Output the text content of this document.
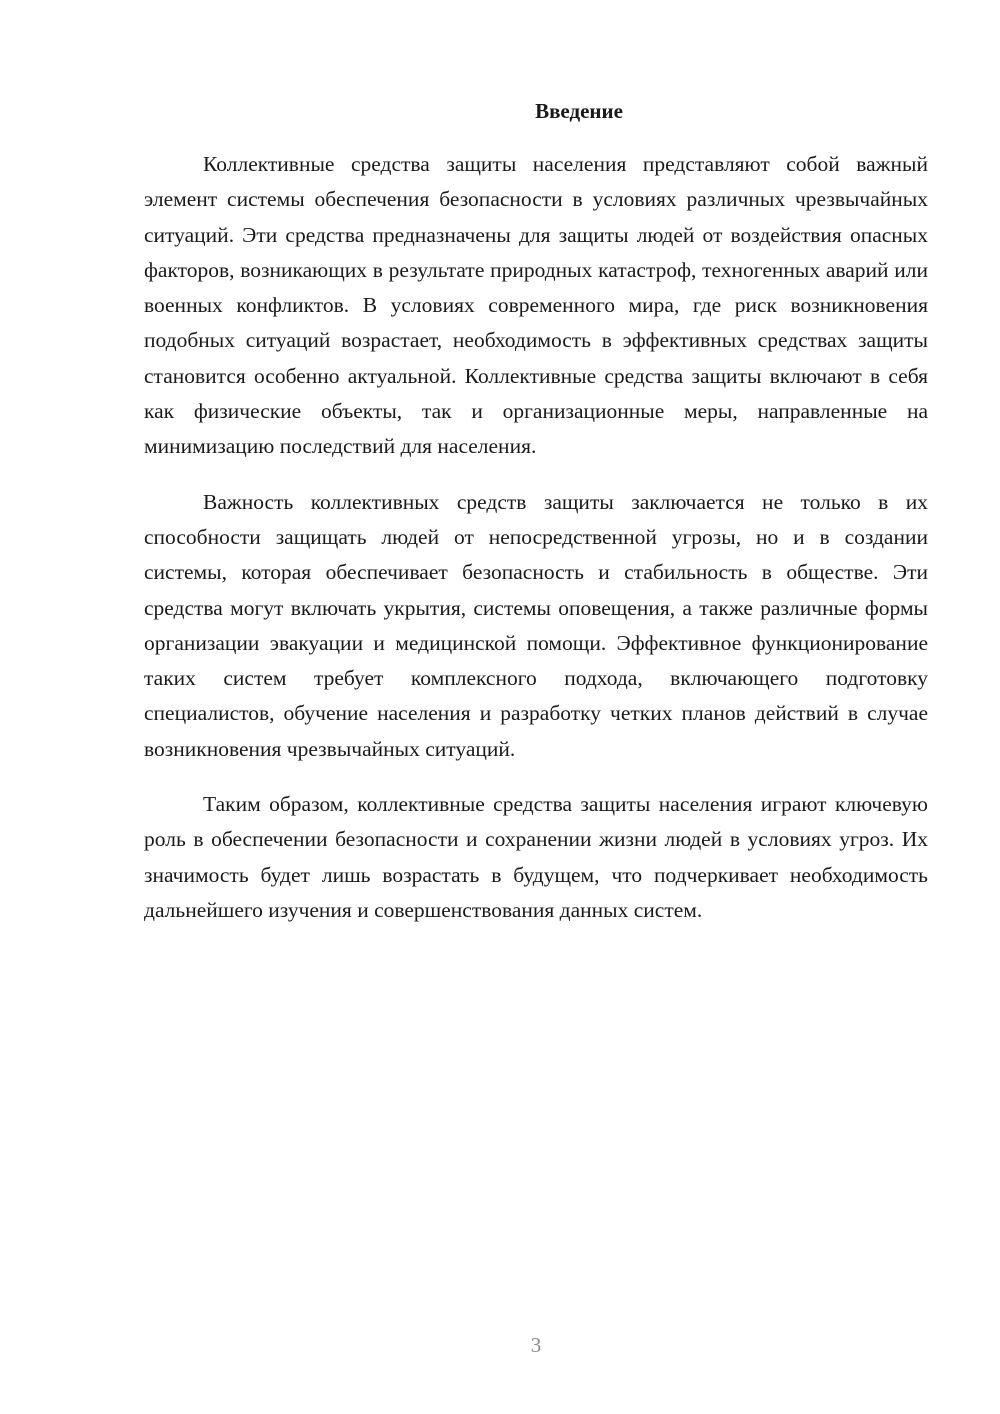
Введение

Коллективные средства защиты населения представляют собой важный элемент системы обеспечения безопасности в условиях различных чрезвычайных ситуаций. Эти средства предназначены для защиты людей от воздействия опасных факторов, возникающих в результате природных катастроф, техногенных аварий или военных конфликтов. В условиях современного мира, где риск возникновения подобных ситуаций возрастает, необходимость в эффективных средствах защиты становится особенно актуальной. Коллективные средства защиты включают в себя как физические объекты, так и организационные меры, направленные на минимизацию последствий для населения.

Важность коллективных средств защиты заключается не только в их способности защищать людей от непосредственной угрозы, но и в создании системы, которая обеспечивает безопасность и стабильность в обществе. Эти средства могут включать укрытия, системы оповещения, а также различные формы организации эвакуации и медицинской помощи. Эффективное функционирование таких систем требует комплексного подхода, включающего подготовку специалистов, обучение населения и разработку четких планов действий в случае возникновения чрезвычайных ситуаций.

Таким образом, коллективные средства защиты населения играют ключевую роль в обеспечении безопасности и сохранении жизни людей в условиях угроз. Их значимость будет лишь возрастать в будущем, что подчеркивает необходимость дальнейшего изучения и совершенствования данных систем.

3
